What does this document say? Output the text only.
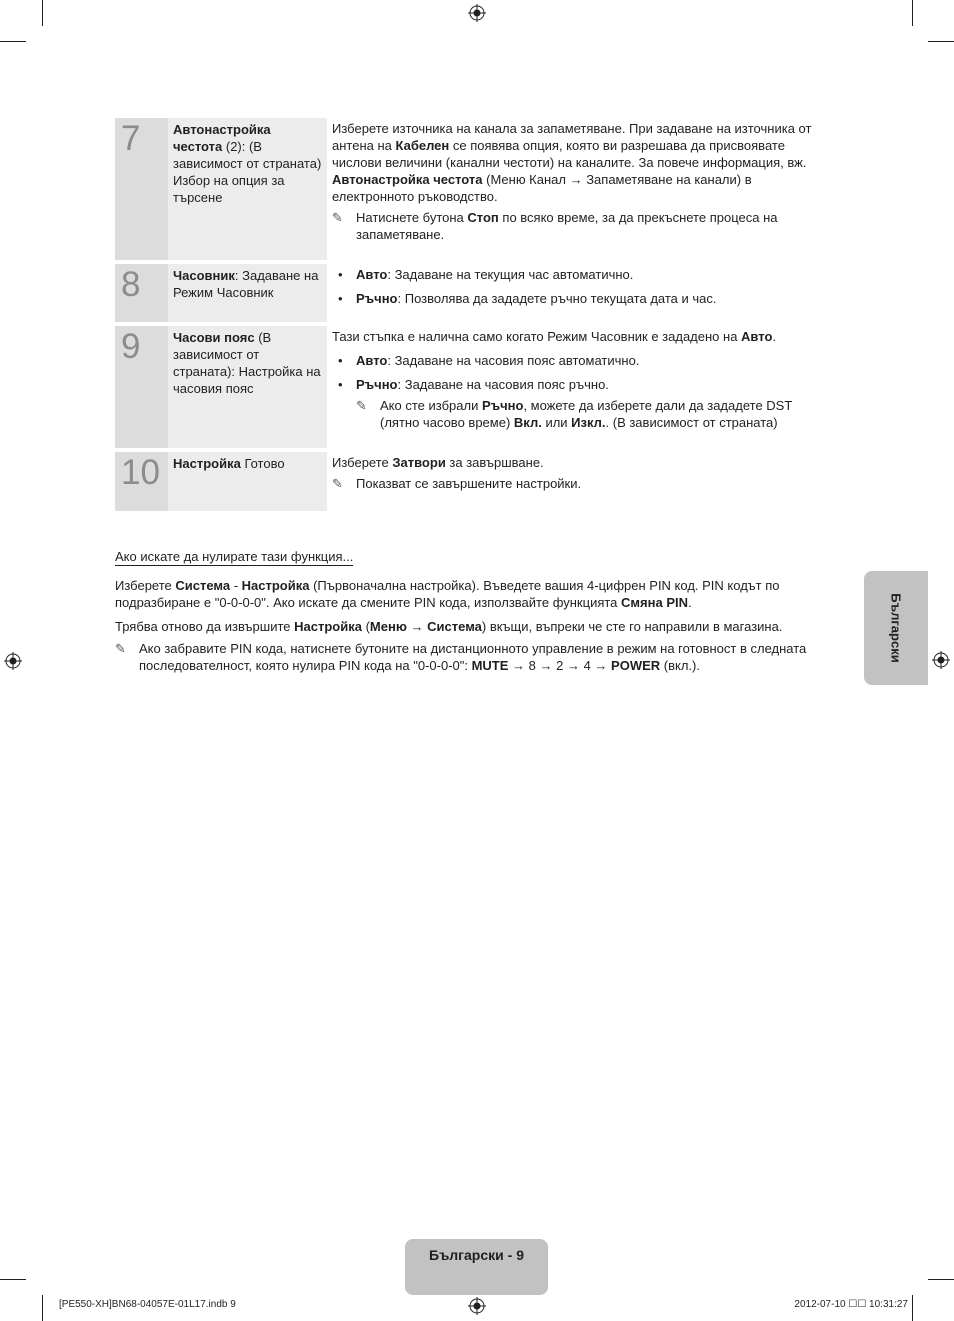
7	Автонастройка честота (2): (В зависимост от страната) Избор на опция за търсене	Изберете източника на канала за запаметяване. При задаване на източника от антена на Кабелен се появява опция, която ви разрешава да присвоявате числови величини (канални честоти) на каналите. За повече информация, вж. Автонастройка честота (Меню Канал → Запаметяване на канали) в електронното ръководство.
✎ Натиснете бутона Стоп по всяко време, за да прекъснете процеса на запаметяване.

8	Часовник: Задаване на Режим Часовник	• Авто: Задаване на текущия час автоматично.
• Ръчно: Позволява да зададете ръчно текущата дата и час.

9	Часови пояс (В зависимост от страната): Настройка на часовия пояс	Тази стъпка е налична само когато Режим Часовник е зададено на Авто.
• Авто: Задаване на часовия пояс автоматично.
• Ръчно: Задаване на часовия пояс ръчно.
✎ Ако сте избрали Ръчно, можете да изберете дали да зададете DST (лятно часово време) Вкл. или Изкл.. (В зависимост от страната)

10	Настройка Готово	Изберете Затвори за завършване.
✎ Показват се завършените настройки.
Ако искате да нулирате тази функция...
Изберете Система - Настройка (Първоначална настройка). Въведете вашия 4-цифрен PIN код. PIN кодът по подразбиране е "0-0-0-0". Ако искате да смените PIN кода, използвайте функцията Смяна PIN.
Трябва отново да извършите Настройка (Меню → Система) вкъщи, въпреки че сте го направили в магазина.
✎ Ако забравите PIN кода, натиснете бутоните на дистанционното управление в режим на готовност в следната последователност, която нулира PIN кода на "0-0-0-0": MUTE → 8 → 2 → 4 → POWER (вкл.).
Български
Български - 9
[PE550-XH]BN68-04057E-01L17.indb 9	2012-07-10 ☐☐ 10:31:27
